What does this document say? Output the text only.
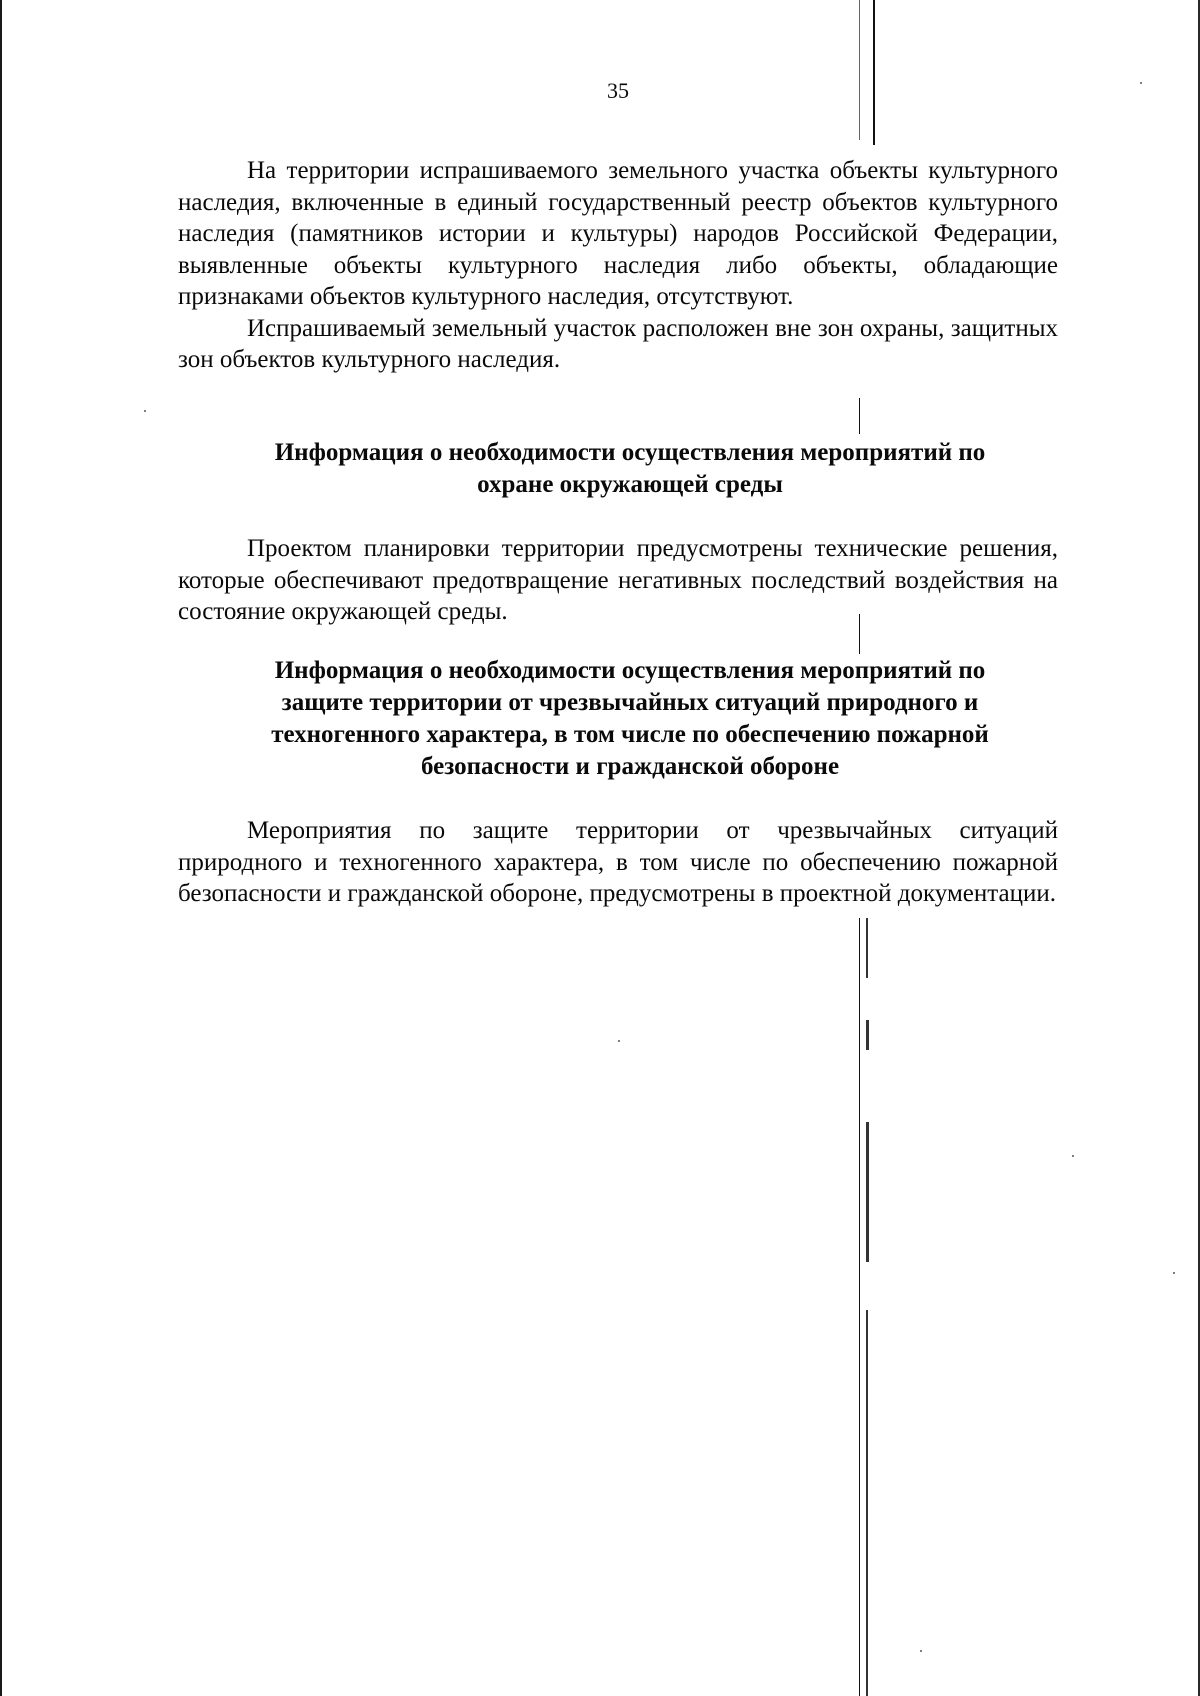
35

На территории испрашиваемого земельного участка объекты культурного наследия, включенные в единый государственный реестр объектов культурного наследия (памятников истории и культуры) народов Российской Федерации, выявленные объекты культурного наследия либо объекты, обладающие признаками объектов культурного наследия, отсутствуют.

Испрашиваемый земельный участок расположен вне зон охраны, защитных зон объектов культурного наследия.

Информация о необходимости осуществления мероприятий по
охране окружающей среды

Проектом планировки территории предусмотрены технические решения, которые обеспечивают предотвращение негативных последствий воздействия на состояние окружающей среды.

Информация о необходимости осуществления мероприятий по
защите территории от чрезвычайных ситуаций природного и
техногенного характера, в том числе по обеспечению пожарной
безопасности и гражданской обороне

Мероприятия по защите территории от чрезвычайных ситуаций природного и техногенного характера, в том числе по обеспечению пожарной безопасности и гражданской обороне, предусмотрены в проектной документации.
